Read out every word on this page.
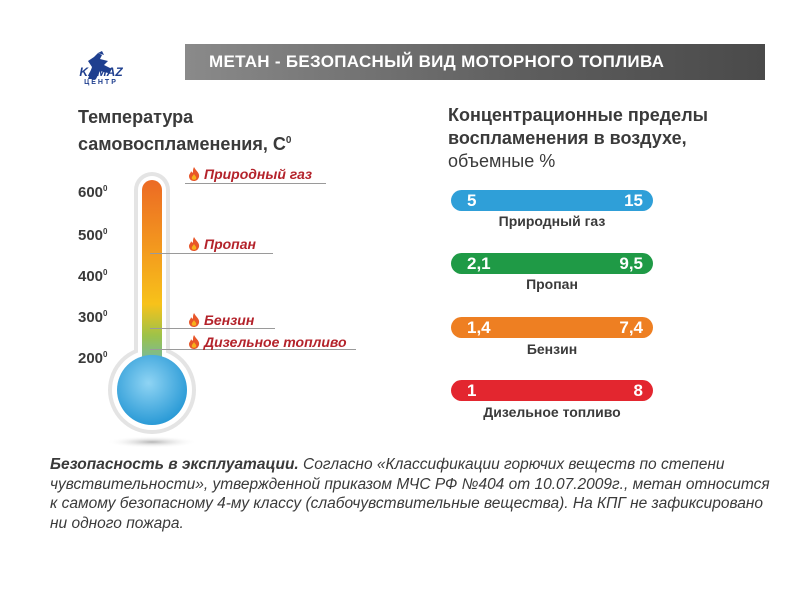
KAMAZ
ЦЕНТР
МЕТАН - БЕЗОПАСНЫЙ ВИД МОТОРНОГО ТОПЛИВА
Температура
самовоспламенения, $С^0$
Концентрационные пределы
воспламенения в воздухе,
объемные %
$600^0$
$500^0$
$400^0$
$300^0$
$200^0$
Природный газ
Пропан
Бензин
Дизельное топливо
5	15
Природный газ
2,1	9,5
Пропан
1,4	7,4
Бензин
1	8
Дизельное топливо
Безопасность в эксплуатации. Согласно «Классификации горючих веществ по степени чувствительности», утвержденной приказом МЧС РФ №404 от 10.07.2009г., метан относится к самому безопасному 4-му классу (слабочувствительные вещества). На КПГ не зафиксировано ни одного пожара.
